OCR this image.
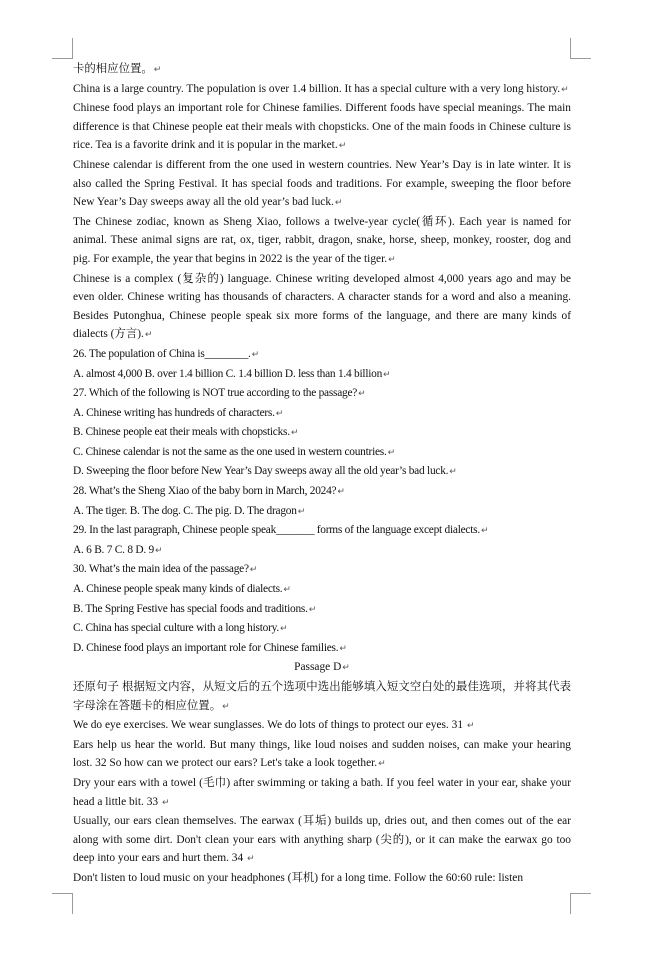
卡的相应位置。↵

China is a large country. The population is over 1.4 billion. It has a special culture with a very long history.↵

Chinese food plays an important role for Chinese families. Different foods have special meanings. The main difference is that Chinese people eat their meals with chopsticks. One of the main foods in Chinese culture is rice. Tea is a favorite drink and it is popular in the market.↵

Chinese calendar is different from the one used in western countries. New Year’s Day is in late winter. It is also called the Spring Festival. It has special foods and traditions. For example, sweeping the floor before New Year’s Day sweeps away all the old year’s bad luck.↵

The Chinese zodiac, known as Sheng Xiao, follows a twelve-year cycle(循环). Each year is named for animal. These animal signs are rat, ox, tiger, rabbit, dragon, snake, horse, sheep, monkey, rooster, dog and pig. For example, the year that begins in 2022 is the year of the tiger.↵

Chinese is a complex (复杂的) language. Chinese writing developed almost 4,000 years ago and may be even older. Chinese writing has thousands of characters. A character stands for a word and also a meaning. Besides Putonghua, Chinese people speak six more forms of the language, and there are many kinds of dialects (方言).↵

26. The population of China is________.↵

A. almost 4,000 B. over 1.4 billion C. 1.4 billion D. less than 1.4 billion↵

27. Which of the following is NOT true according to the passage?↵

A. Chinese writing has hundreds of characters.↵

B. Chinese people eat their meals with chopsticks.↵

C. Chinese calendar is not the same as the one used in western countries.↵

D. Sweeping the floor before New Year’s Day sweeps away all the old year’s bad luck.↵

28. What’s the Sheng Xiao of the baby born in March, 2024?↵

A. The tiger. B. The dog. C. The pig. D. The dragon↵

29. In the last paragraph, Chinese people speak_______ forms of the language except dialects.↵

A. 6 B. 7 C. 8 D. 9↵

30. What’s the main idea of the passage?↵

A. Chinese people speak many kinds of dialects.↵

B. The Spring Festive has special foods and traditions.↵

C. China has special culture with a long history.↵

D. Chinese food plays an important role for Chinese families.↵

Passage D↵

还原句子 根据短文内容，从短文后的五个选项中选出能够填入短文空白处的最佳选项，并将其代表字母涂在答题卡的相应位置。↵

We do eye exercises. We wear sunglasses. We do lots of things to protect our eyes. 31 ↵

Ears help us hear the world. But many things, like loud noises and sudden noises, can make your hearing lost. 32 So how can we protect our ears? Let's take a look together.↵

Dry your ears with a towel (毛巾) after swimming or taking a bath. If you feel water in your ear, shake your head a little bit. 33 ↵

Usually, our ears clean themselves. The earwax (耳垢) builds up, dries out, and then comes out of the ear along with some dirt. Don't clean your ears with anything sharp (尖的), or it can make the earwax go too deep into your ears and hurt them. 34 ↵

Don't listen to loud music on your headphones (耳机) for a long time. Follow the 60:60 rule: listen
